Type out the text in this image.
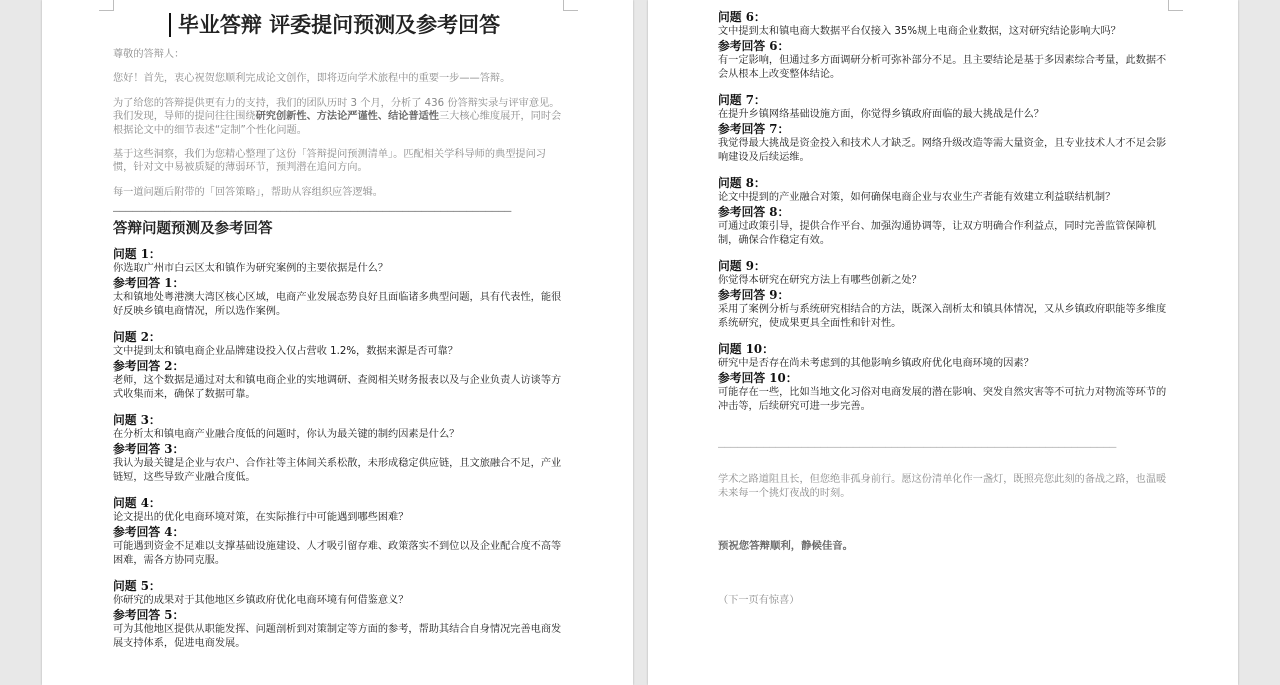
毕业答辩 评委提问预测及参考回答

尊敬的答辩人：

您好！首先，衷心祝贺您顺利完成论文创作，即将迈向学术旅程中的重要一步——答辩。

为了给您的答辩提供更有力的支持，我们的团队历时 3 个月，分析了 436 份答辩实录与评审意见。我们发现，导师的提问往往围绕研究创新性、方法论严谨性、结论普适性三大核心维度展开，同时会根据论文中的细节表述“定制”个性化问题。

基于这些洞察，我们为您精心整理了这份「答辩提问预测清单」。匹配相关学科导师的典型提问习惯，针对文中易被质疑的薄弱环节，预判潜在追问方向。

每一道问题后附带的「回答策略」，帮助从容组织应答逻辑。

——————————————————————————————————————————————————————————————
答辩问题预测及参考回答
问题 1：
你选取广州市白云区太和镇作为研究案例的主要依据是什么？
参考回答 1：
太和镇地处粤港澳大湾区核心区域，电商产业发展态势良好且面临诸多典型问题，具有代表性，能很好反映乡镇电商情况，所以选作案例。
问题 2：
文中提到太和镇电商企业品牌建设投入仅占营收 1.2%，数据来源是否可靠？
参考回答 2：
老师，这个数据是通过对太和镇电商企业的实地调研、查阅相关财务报表以及与企业负责人访谈等方式收集而来，确保了数据可靠。
问题 3：
在分析太和镇电商产业融合度低的问题时，你认为最关键的制约因素是什么？
参考回答 3：
我认为最关键是企业与农户、合作社等主体间关系松散，未形成稳定供应链，且文旅融合不足，产业链短，这些导致产业融合度低。
问题 4：
论文提出的优化电商环境对策，在实际推行中可能遇到哪些困难？
参考回答 4：
可能遇到资金不足难以支撑基础设施建设、人才吸引留存难、政策落实不到位以及企业配合度不高等困难，需各方协同克服。
问题 5：
你研究的成果对于其他地区乡镇政府优化电商环境有何借鉴意义？
参考回答 5：
可为其他地区提供从职能发挥、问题剖析到对策制定等方面的参考，帮助其结合自身情况完善电商发展支持体系，促进电商发展。
问题 6：
文中提到太和镇电商大数据平台仅接入 35%规上电商企业数据，这对研究结论影响大吗？
参考回答 6：
有一定影响，但通过多方面调研分析可弥补部分不足。且主要结论是基于多因素综合考量，此数据不会从根本上改变整体结论。
问题 7：
在提升乡镇网络基础设施方面，你觉得乡镇政府面临的最大挑战是什么？
参考回答 7：
我觉得最大挑战是资金投入和技术人才缺乏。网络升级改造等需大量资金，且专业技术人才不足会影响建设及后续运维。
问题 8：
论文中提到的产业融合对策，如何确保电商企业与农业生产者能有效建立利益联结机制？
参考回答 8：
可通过政策引导，提供合作平台、加强沟通协调等，让双方明确合作利益点，同时完善监管保障机制，确保合作稳定有效。
问题 9：
你觉得本研究在研究方法上有哪些创新之处？
参考回答 9：
采用了案例分析与系统研究相结合的方法，既深入剖析太和镇具体情况，又从乡镇政府职能等多维度系统研究，使成果更具全面性和针对性。
问题 10：
研究中是否存在尚未考虑到的其他影响乡镇政府优化电商环境的因素？
参考回答 10：
可能存在一些，比如当地文化习俗对电商发展的潜在影响、突发自然灾害等不可抗力对物流等环节的冲击等，后续研究可进一步完善。
——————————————————————————————————————————————————————————————

学术之路道阻且长，但您绝非孤身前行。愿这份清单化作一盏灯，既照亮您此刻的备战之路，也温暖未来每一个挑灯夜战的时刻。

预祝您答辩顺利，静候佳音。

（下一页有惊喜）
